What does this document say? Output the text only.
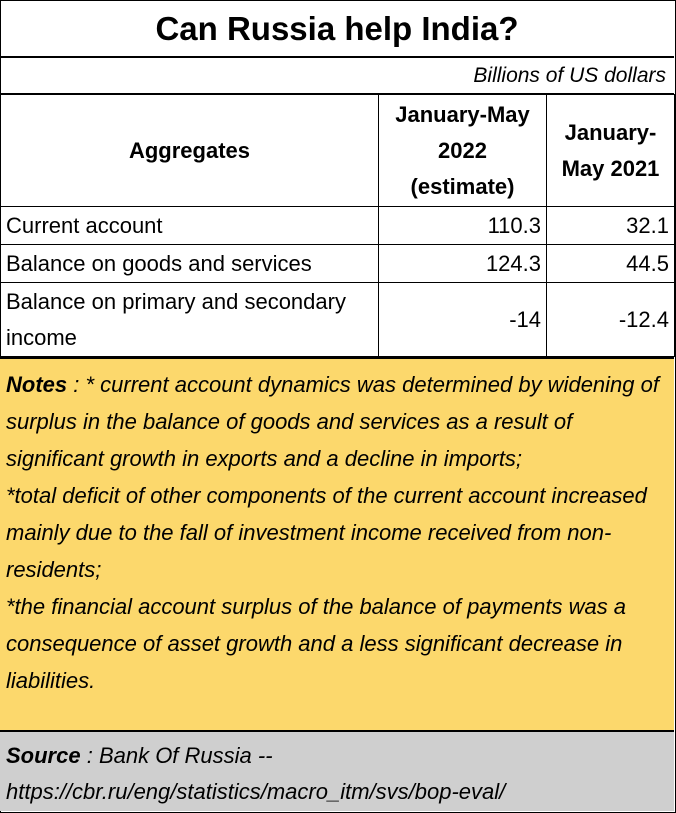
Can Russia help India?
Billions of US dollars
Aggregates	January-May 2022 (estimate)	January-May 2021
Current account	110.3	32.1
Balance on goods and services	124.3	44.5
Balance on primary and secondary income	-14	-12.4

Notes : * current account dynamics was determined by widening of surplus in the balance of goods and services as a result of significant growth in exports and a decline in imports;

*total deficit of other components of the current account increased mainly due to the fall of investment income received from non-residents;

*the financial account surplus of the balance of payments was a consequence of asset growth and a less significant decrease in liabilities.

Source : Bank Of Russia -- https://cbr.ru/eng/statistics/macro_itm/svs/bop-eval/
